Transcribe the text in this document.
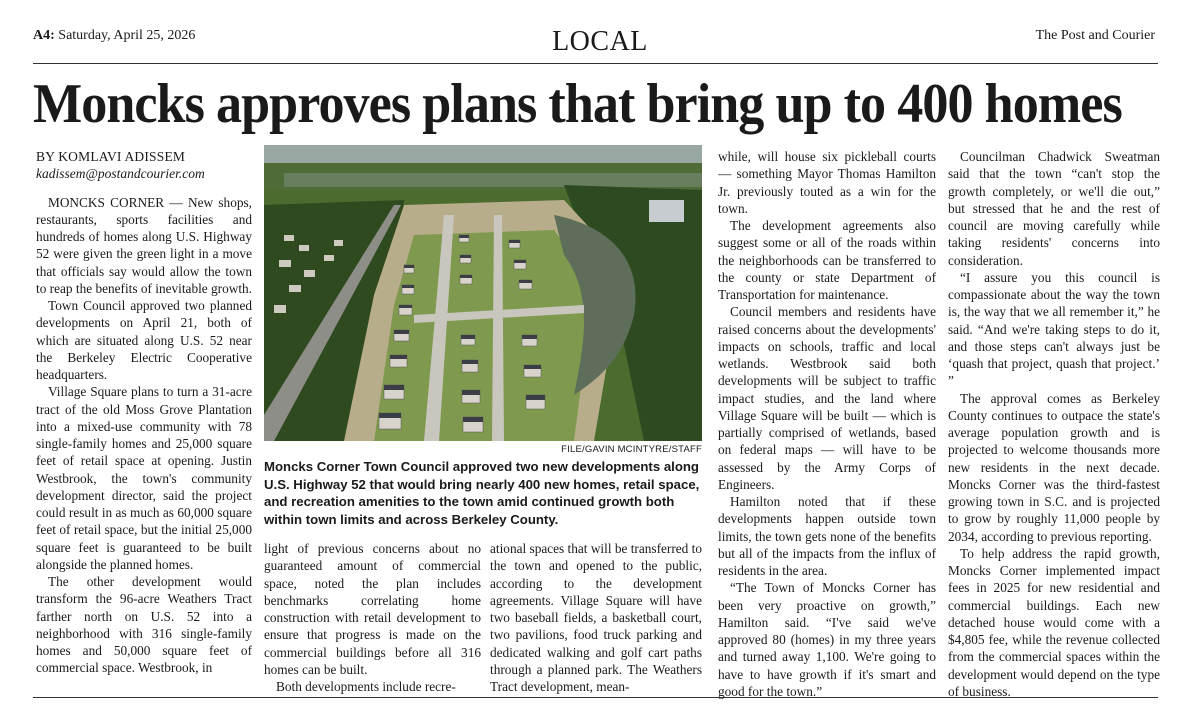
A4: Saturday, April 25, 2026	LOCAL	The Post and Courier
Moncks approves plans that bring up to 400 homes
BY KOMLAVI ADISSEM
kadissem@postandcourier.com

MONCKS CORNER — New shops, restaurants, sports facilities and hundreds of homes along U.S. Highway 52 were given the green light in a move that officials say would allow the town to reap the benefits of inevitable growth.

Town Council approved two planned developments on April 21, both of which are situated along U.S. 52 near the Berkeley Electric Cooperative headquarters.

Village Square plans to turn a 31-acre tract of the old Moss Grove Plantation into a mixed-use community with 78 single-family homes and 25,000 square feet of retail space at opening. Justin Westbrook, the town's community development director, said the project could result in as much as 60,000 square feet of retail space, but the initial 25,000 square feet is guaranteed to be built alongside the planned homes.

The other development would transform the 96-acre Weathers Tract farther north on U.S. 52 into a neighborhood with 316 single-family homes and 50,000 square feet of commercial space. Westbrook, in

FILE/GAVIN MCINTYRE/STAFF
Moncks Corner Town Council approved two new developments along U.S. Highway 52 that would bring nearly 400 new homes, retail space, and recreation amenities to the town amid continued growth both within town limits and across Berkeley County.

light of previous concerns about no guaranteed amount of commercial space, noted the plan includes benchmarks correlating home construction with retail development to ensure that progress is made on the commercial buildings before all 316 homes can be built.

Both developments include recre-

ational spaces that will be transferred to the town and opened to the public, according to the development agreements. Village Square will have two baseball fields, a basketball court, two pavilions, food truck parking and dedicated walking and golf cart paths through a planned park. The Weathers Tract development, mean-

while, will house six pickleball courts — something Mayor Thomas Hamilton Jr. previously touted as a win for the town.

The development agreements also suggest some or all of the roads within the neighborhoods can be transferred to the county or state Department of Transportation for maintenance.

Council members and residents have raised concerns about the developments' impacts on schools, traffic and local wetlands. Westbrook said both developments will be subject to traffic impact studies, and the land where Village Square will be built — which is partially comprised of wetlands, based on federal maps — will have to be assessed by the Army Corps of Engineers.

Hamilton noted that if these developments happen outside town limits, the town gets none of the benefits but all of the impacts from the influx of residents in the area.

“The Town of Moncks Corner has been very proactive on growth,” Hamilton said. “I've said we've approved 80 (homes) in my three years and turned away 1,100. We're going to have to have growth if it's smart and good for the town.”

Councilman Chadwick Sweatman said that the town “can't stop the growth completely, or we'll die out,” but stressed that he and the rest of council are moving carefully while taking residents' concerns into consideration.

“I assure you this council is compassionate about the way the town is, the way that we all remember it,” he said. “And we're taking steps to do it, and those steps can't always just be ‘quash that project, quash that project.’ ”

The approval comes as Berkeley County continues to outpace the state's average population growth and is projected to welcome thousands more new residents in the next decade. Moncks Corner was the third-fastest growing town in S.C. and is projected to grow by roughly 11,000 people by 2034, according to previous reporting.

To help address the rapid growth, Moncks Corner implemented impact fees in 2025 for new residential and commercial buildings. Each new detached house would come with a $4,805 fee, while the revenue collected from the commercial spaces within the development would depend on the type of business.
